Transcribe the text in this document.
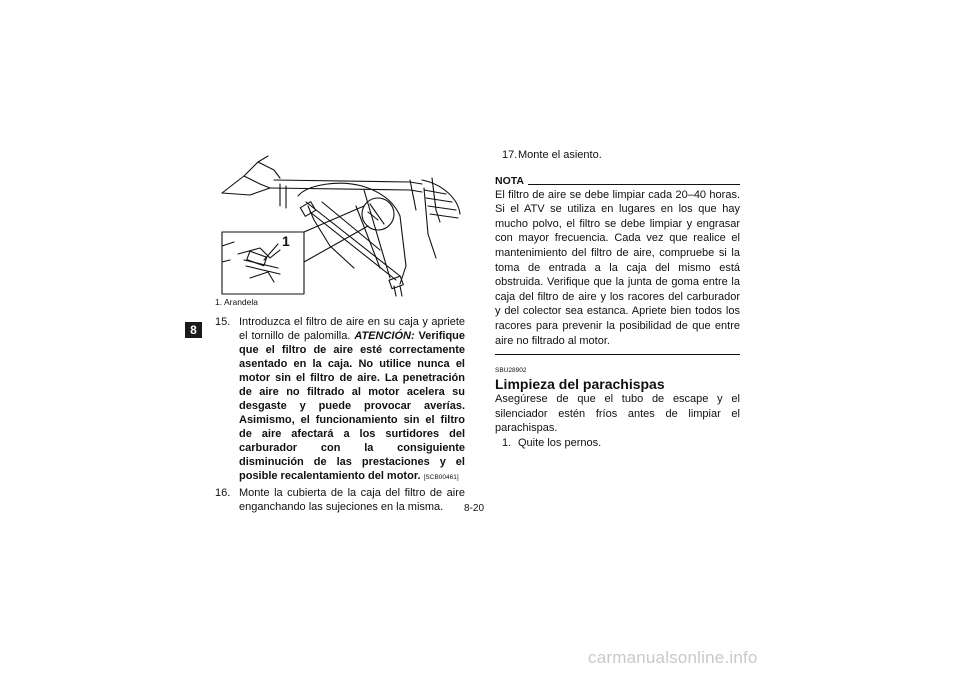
8
1
1. Arandela
15. Introduzca el filtro de aire en su caja y apriete el tornillo de palomilla. ATENCIÓN: Verifique que el filtro de aire esté correctamente asentado en la caja. No utilice nunca el motor sin el filtro de aire. La penetración de aire no filtrado al motor acelera su desgaste y puede provocar averías. Asimismo, el funcionamiento sin el filtro de aire afectará a los surtidores del carburador con la consiguiente disminución de las prestaciones y el posible recalentamiento del motor. [SCB00461]
16. Monte la cubierta de la caja del filtro de aire enganchando las sujeciones en la misma.
17. Monte el asiento.
NOTA
El filtro de aire se debe limpiar cada 20–40 horas. Si el ATV se utiliza en lugares en los que hay mucho polvo, el filtro se debe limpiar y engrasar con mayor frecuencia. Cada vez que realice el mantenimiento del filtro de aire, compruebe si la toma de entrada a la caja del mismo está obstruida. Verifique que la junta de goma entre la caja del filtro de aire y los racores del carburador y del colector sea estanca. Apriete bien todos los racores para prevenir la posibilidad de que entre aire no filtrado al motor.
SBU28902
Limpieza del parachispas
Asegúrese de que el tubo de escape y el silenciador estén fríos antes de limpiar el parachispas.
1. Quite los pernos.
8-20
carmanualsonline.info
